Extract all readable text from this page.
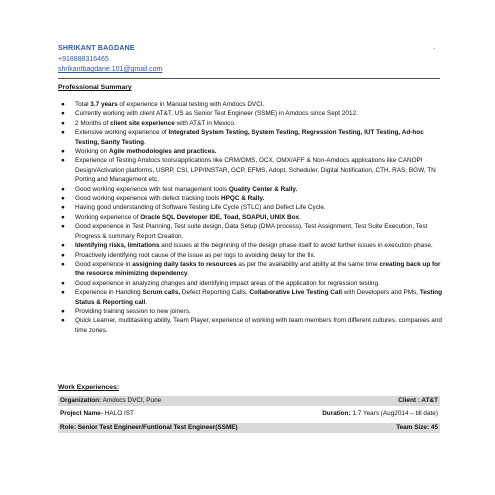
SHRIKANT BAGDANE
+918888316465
shrikantbagdane.101@gmail.com
Professional Summary
● Total 3.7 years of experience in Manual testing with Amdocs DVCI.
● Currently working with client AT&T, US as Senior Test Engineer (SSME) in Amdocs since Sept 2012.
● 2 Months of client site experience with AT&T in Mexico.
● Extensive working experience of Integrated System Testing, System Testing, Regression Testing, IUT Testing, Ad-hoc Testing, Sanity Testing.
● Working on Agile methodologies and practices.
● Experience of Testing Amdocs tools/applications like CRM/OMS, OCX, OMX/AFF & Non-Amdocs applications like CANOPI Design/Activation platforms, USRP, CSI, LPP/INSTAR, GCP, EFMS, Adopt, Scheduler, Digital Notification, CTH, RAS, BGW, TN Porting and Management etc.
● Good working experience with test management tools Quality Center & Rally.
● Good working experience with defect tracking tools HPQC & Rally.
● Having good understanding of Software Testing Life Cycle (STLC) and Defect Life Cycle.
● Working experience of Oracle SQL Developer IDE, Toad, SOAPUI, UNIX Box.
● Good experience in Test Planning, Test suite design, Data Setup (DMA process), Test Assignment, Test Suite Execution, Test Progress & summary Report Creation.
● Identifying risks, limitations and issues at the beginning of the design phase itself to avoid further issues in execution phase.
● Proactively identifying root cause of the issue as per logs to avoiding delay for the fix.
● Good experience in assigning daily tasks to resources as per the availability and ability at the same time creating back up for the resource minimizing dependency.
● Good experience in analyzing changes and identifying impact areas of the application for regression testing.
● Experience in Handling Scrum calls, Defect Reporting Calls, Collaborative Live Testing Call with Developers and PMs, Testing Status & Reporting call.
● Providing training session to new joiners.
● Quick Learner, multitasking ability, Team Player, experience of working with team members from different cultures, companies and time zones.
Work Experiences:
Organization: Amdocs DVCI, Pune	Client : AT&T
Project Name- HALO IST	Duration: 1.7 Years (Aug2014 – till date)
Role: Senior Test Engineer/Funtional Test Engineer(SSME)	Team Size: 45
